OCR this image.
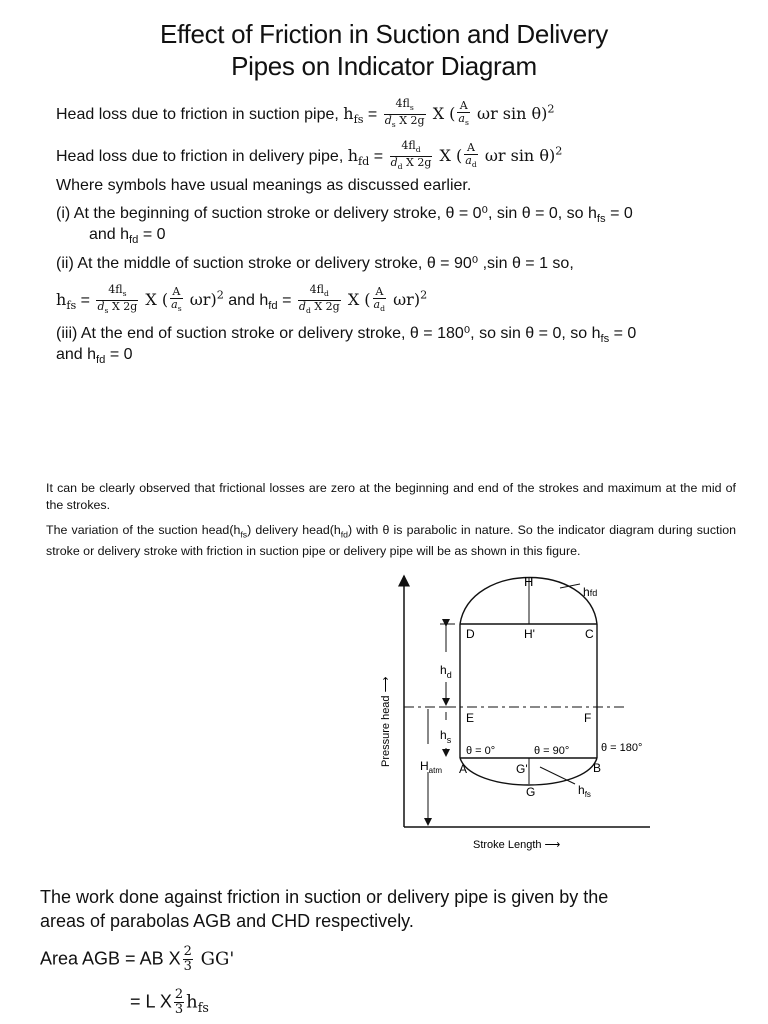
Effect of Friction in Suction and Delivery
Pipes on Indicator Diagram
Head loss due to friction in suction pipe, $h_{fs} = \frac{4fl_s}{d_s X 2g}$ X ( $\frac{A}{a_s}$ ωr sin θ)$^2$
Head loss due to friction in delivery pipe, $h_{fd} = \frac{4fl_d}{d_d X 2g}$ X ( $\frac{A}{a_d}$ ωr sin θ)$^2$
Where symbols have usual meanings as discussed earlier.
(i) At the beginning of suction stroke or delivery stroke, θ = 0⁰, sin θ = 0, so $h_{fs} = 0$
and $h_{fd} = 0$
(ii) At the middle of suction stroke or delivery stroke, θ = 90⁰ ,sin θ = 1 so,
$h_{fs} = \frac{4fl_s}{d_s X 2g}$ X ( $\frac{A}{a_s} \omega r)^2$ and $h_{fd} = \frac{4fl_d}{d_d X 2g}$ X ( $\frac{A}{a_d} \omega r)^2$
(iii) At the end of suction stroke or delivery stroke, θ = 180⁰, so sin θ = 0, so $h_{fs} = 0$
and $h_{fd} = 0$
It can be clearly observed that frictional losses are zero at the beginning and end of the strokes and maximum at the mid of the strokes.
The variation of the suction $head(h_{fs})$ delivery $head(h_{fd})$ with θ is parabolic in nature. So the indicator diagram during suction stroke or delivery stroke with friction in suction pipe or delivery pipe will be as shown in this figure.
Pressure head ⟶
H
hfd
D	H'	C
$h_d$
E	F
$h_s$
θ = 0°	θ = 90°	θ = 180°
$H_{atm}$ A	G'	B
G	$h_{fs}$
Stroke Length ⟶
The work done against friction in suction or delivery pipe is given by the
areas of parabolas AGB and CHD respectively.
Area AGB = AB X $\frac{2}{3} GG'$
= L X $\frac{2}{3} h_{fs}$
